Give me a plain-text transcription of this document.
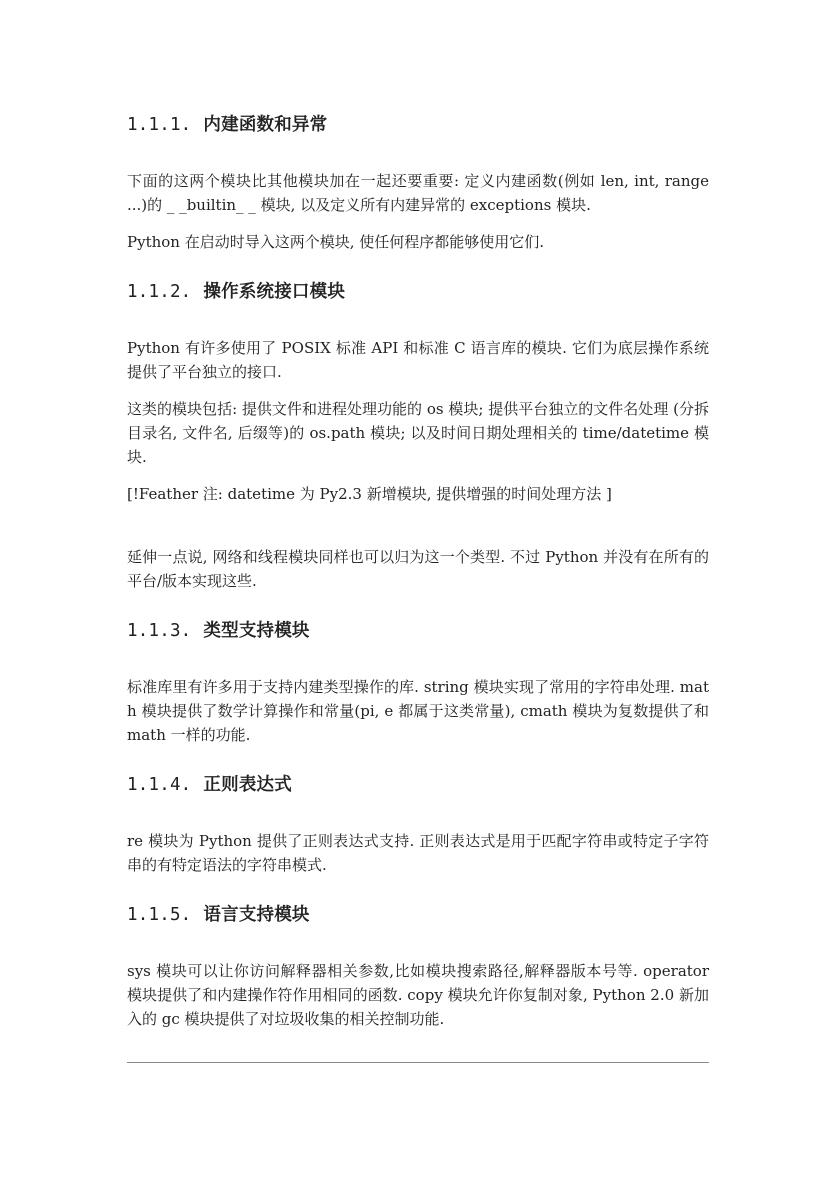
1.1.1. 内建函数和异常

下面的这两个模块比其他模块加在一起还要重要: 定义内建函数(例如 len, int, range ...)的 _ _builtin_ _ 模块, 以及定义所有内建异常的 exceptions 模块.

Python 在启动时导入这两个模块, 使任何程序都能够使用它们.

1.1.2. 操作系统接口模块

Python 有许多使用了 POSIX 标准 API 和标准 C 语言库的模块. 它们为底层操作系统提供了平台独立的接口.

这类的模块包括: 提供文件和进程处理功能的 os 模块; 提供平台独立的文件名处理 (分拆目录名, 文件名, 后缀等)的 os.path 模块; 以及时间日期处理相关的 time/datetime 模块.

[!Feather 注: datetime 为 Py2.3 新增模块, 提供增强的时间处理方法 ]

延伸一点说, 网络和线程模块同样也可以归为这一个类型. 不过 Python 并没有在所有的平台/版本实现这些.

1.1.3. 类型支持模块

标准库里有许多用于支持内建类型操作的库. string 模块实现了常用的字符串处理. math 模块提供了数学计算操作和常量(pi, e 都属于这类常量), cmath 模块为复数提供了和 math 一样的功能.

1.1.4. 正则表达式

re 模块为 Python 提供了正则表达式支持. 正则表达式是用于匹配字符串或特定子字符串的有特定语法的字符串模式.

1.1.5. 语言支持模块

sys 模块可以让你访问解释器相关参数,比如模块搜索路径,解释器版本号等. operator 模块提供了和内建操作符作用相同的函数. copy 模块允许你复制对象, Python 2.0 新加入的 gc 模块提供了对垃圾收集的相关控制功能.
